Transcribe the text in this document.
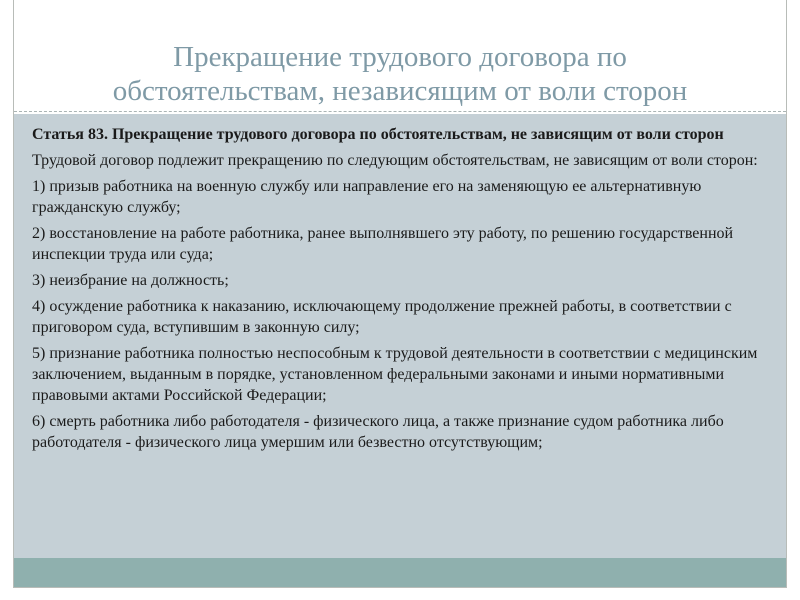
Прекращение трудового договора по
обстоятельствам, независящим от воли сторон

Статья 83. Прекращение трудового договора по обстоятельствам, не зависящим от воли сторон

Трудовой договор подлежит прекращению по следующим обстоятельствам, не зависящим от воли сторон:

1) призыв работника на военную службу или направление его на заменяющую ее альтернативную гражданскую службу;

2) восстановление на работе работника, ранее выполнявшего эту работу, по решению государственной инспекции труда или суда;

3) неизбрание на должность;

4) осуждение работника к наказанию, исключающему продолжение прежней работы, в соответствии с приговором суда, вступившим в законную силу;

5) признание работника полностью неспособным к трудовой деятельности в соответствии с медицинским заключением, выданным в порядке, установленном федеральными законами и иными нормативными правовыми актами Российской Федерации;

6) смерть работника либо работодателя - физического лица, а также признание судом работника либо работодателя - физического лица умершим или безвестно отсутствующим;
